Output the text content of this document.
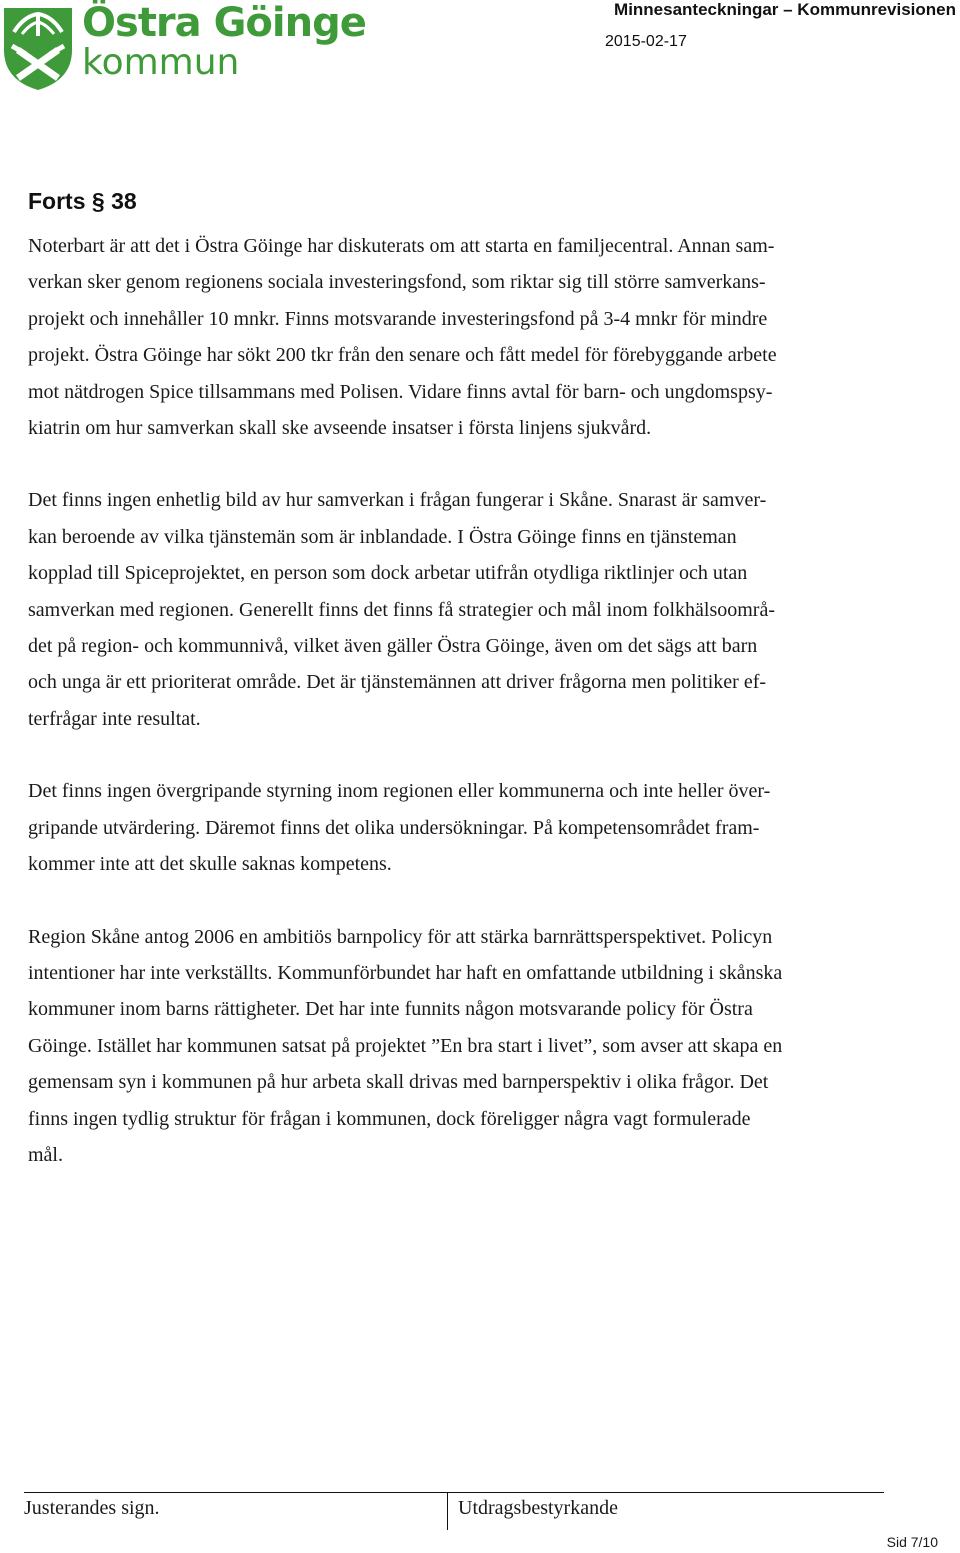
Östra Göinge
kommun
Minnesanteckningar – Kommunrevisionen
2015-02-17
Forts § 38
Noterbart är att det i Östra Göinge har diskuterats om att starta en familjecentral. Annan sam-
verkan sker genom regionens sociala investeringsfond, som riktar sig till större samverkans-
projekt och innehåller 10 mnkr. Finns motsvarande investeringsfond på 3-4 mnkr för mindre
projekt. Östra Göinge har sökt 200 tkr från den senare och fått medel för förebyggande arbete
mot nätdrogen Spice tillsammans med Polisen. Vidare finns avtal för barn- och ungdomspsy-
kiatrin om hur samverkan skall ske avseende insatser i första linjens sjukvård.
Det finns ingen enhetlig bild av hur samverkan i frågan fungerar i Skåne. Snarast är samver-
kan beroende av vilka tjänstemän som är inblandade. I Östra Göinge finns en tjänsteman
kopplad till Spiceprojektet, en person som dock arbetar utifrån otydliga riktlinjer och utan
samverkan med regionen. Generellt finns det finns få strategier och mål inom folkhälsoområ-
det på region- och kommunnivå, vilket även gäller Östra Göinge, även om det sägs att barn
och unga är ett prioriterat område. Det är tjänstemännen att driver frågorna men politiker ef-
terfrågar inte resultat.
Det finns ingen övergripande styrning inom regionen eller kommunerna och inte heller över-
gripande utvärdering. Däremot finns det olika undersökningar. På kompetensområdet fram-
kommer inte att det skulle saknas kompetens.
Region Skåne antog 2006 en ambitiös barnpolicy för att stärka barnrättsperspektivet. Policyn
intentioner har inte verkställts. Kommunförbundet har haft en omfattande utbildning i skånska
kommuner inom barns rättigheter. Det har inte funnits någon motsvarande policy för Östra
Göinge. Istället har kommunen satsat på projektet ”En bra start i livet”, som avser att skapa en
gemensam syn i kommunen på hur arbeta skall drivas med barnperspektiv i olika frågor. Det
finns ingen tydlig struktur för frågan i kommunen, dock föreligger några vagt formulerade
mål.
Justerandes sign.	Utdragsbestyrkande
Sid 7/10
